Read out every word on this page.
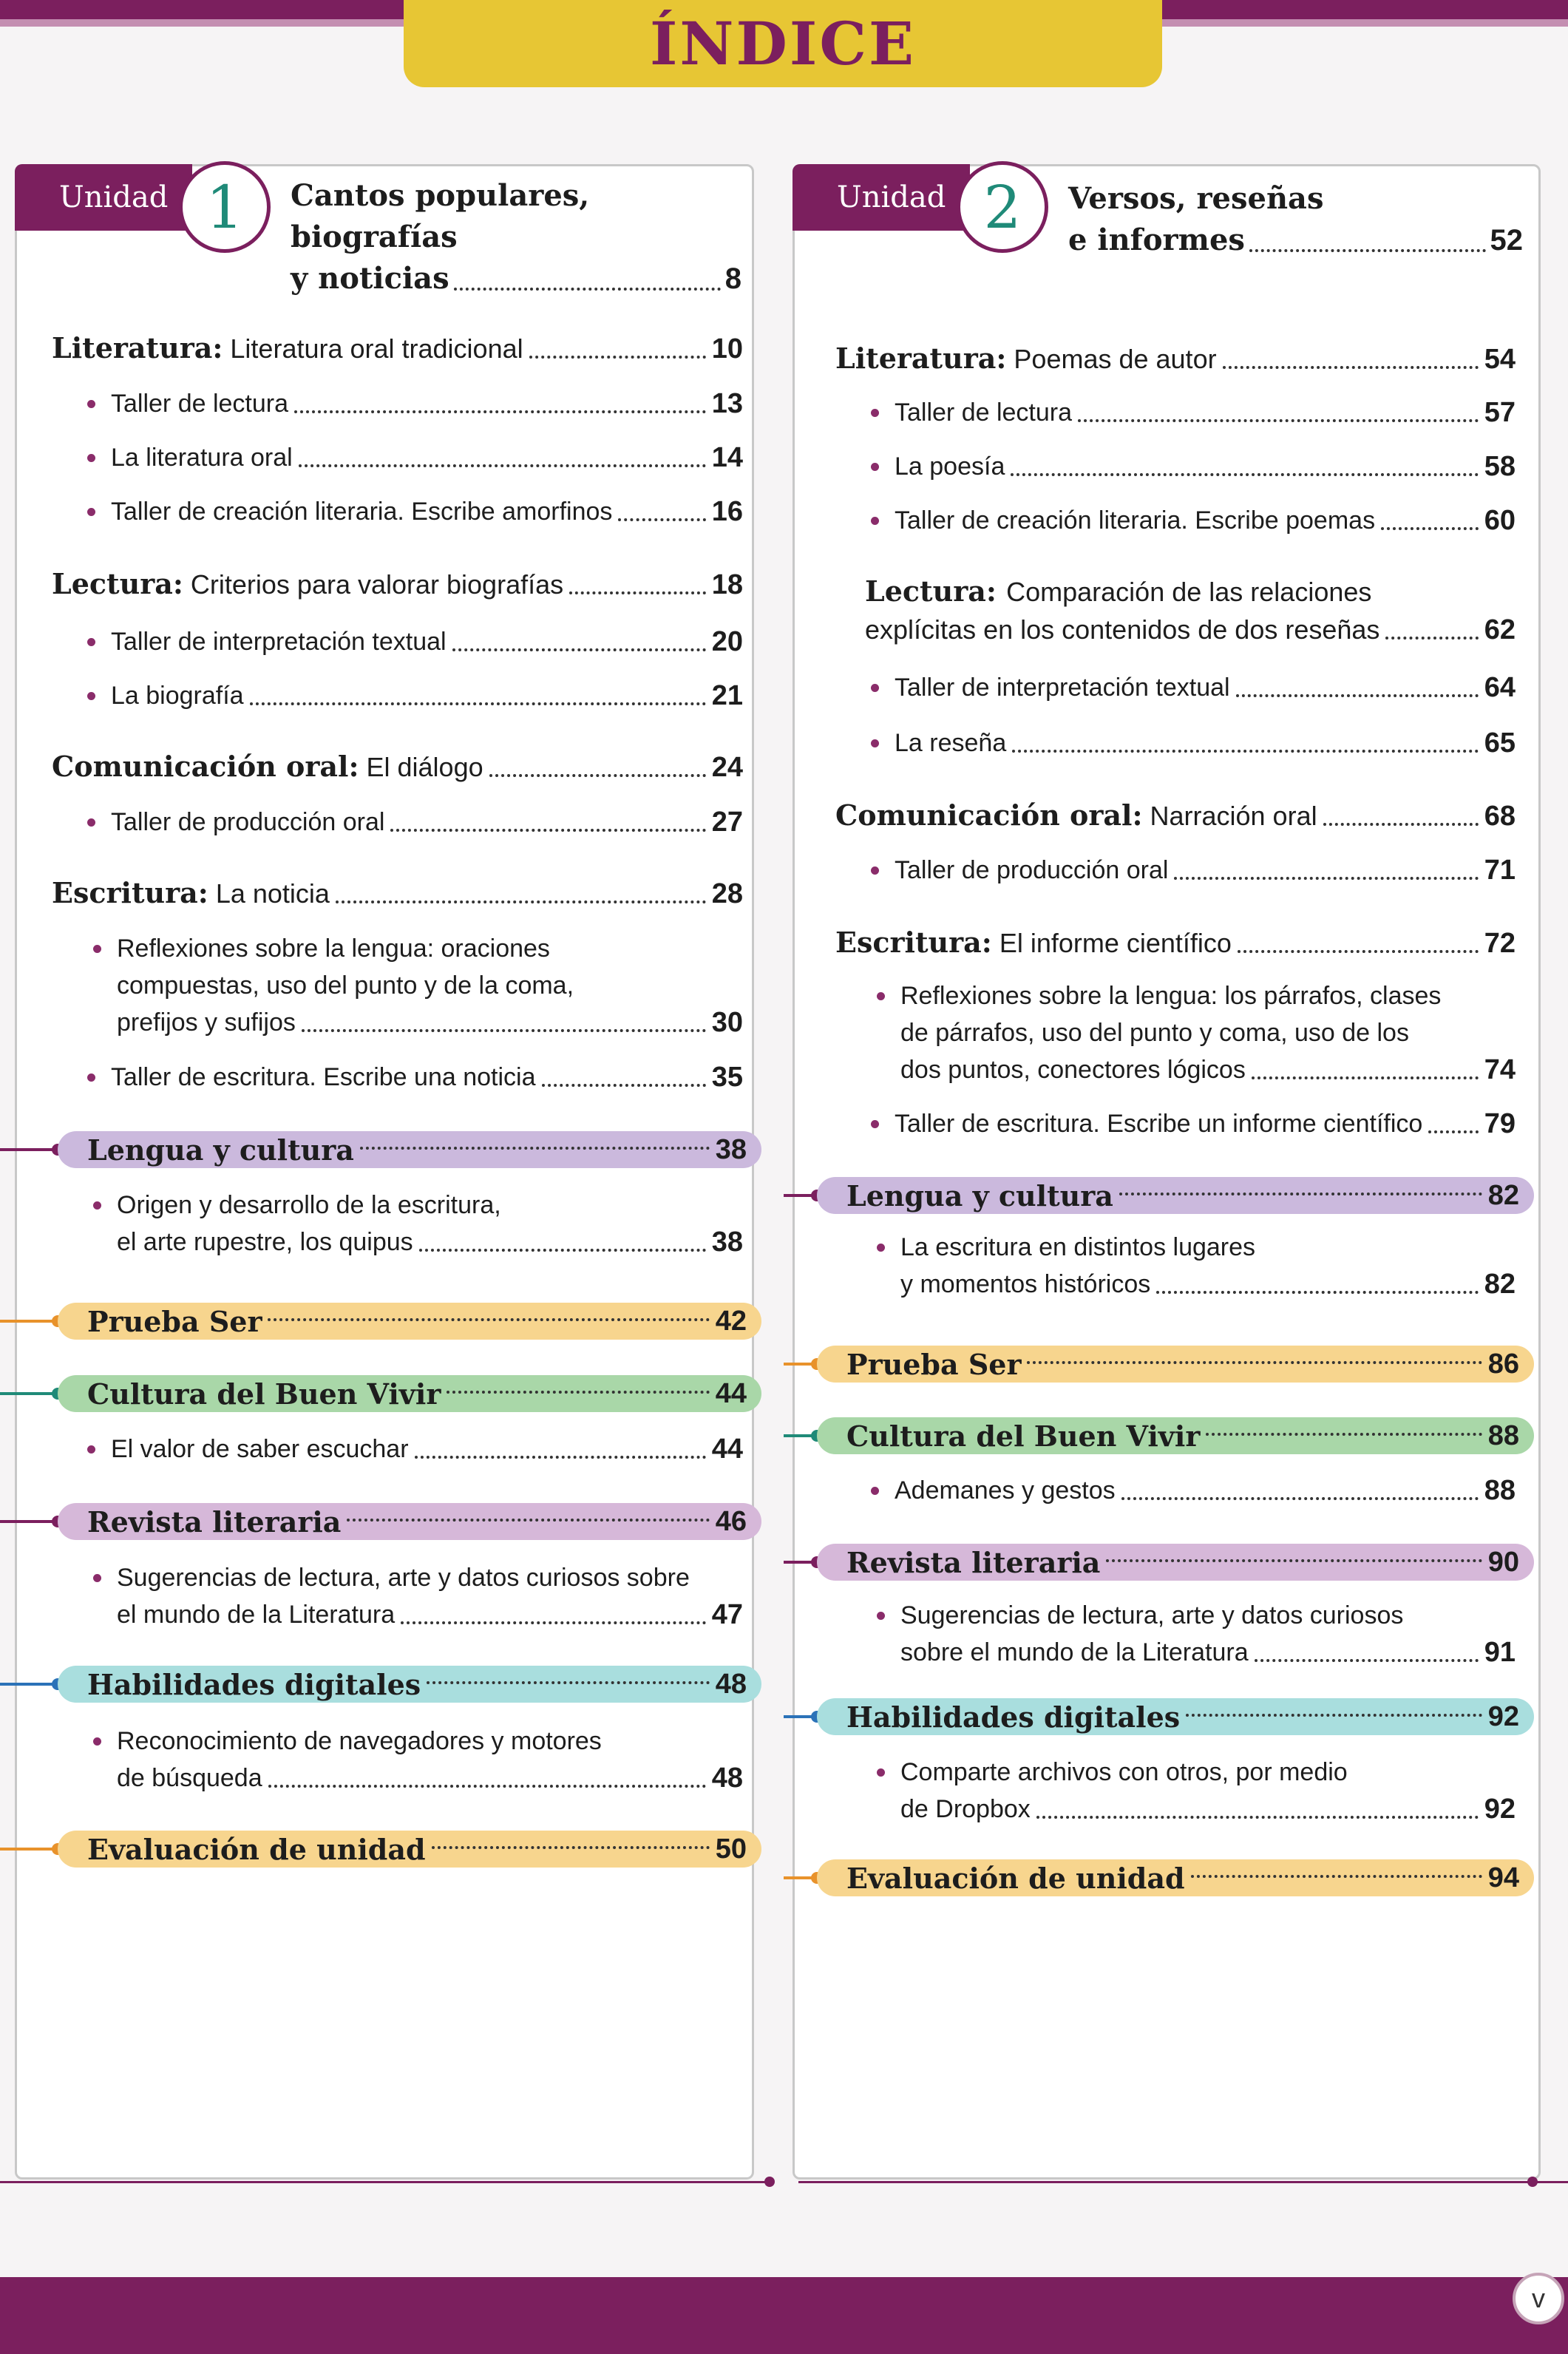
ÍNDICE
Unidad 1	Cantos populares, biografías
y noticias	8
Unidad 2	Versos, reseñas
e informes	52
Literatura: Literatura oral tradicional	10
Taller de lectura	13
La literatura oral	14
Taller de creación literaria. Escribe amorfinos	16
Lectura: Criterios para valorar biografías	18
Taller de interpretación textual	20
La biografía	21
Comunicación oral: El diálogo	24
Taller de producción oral	27
Escritura: La noticia	28
Reflexiones sobre la lengua: oraciones
compuestas, uso del punto y de la coma,
prefijos y sufijos	30
Taller de escritura. Escribe una noticia	35
Lengua y cultura	38
Origen y desarrollo de la escritura,
el arte rupestre, los quipus	38
Prueba Ser	42
Cultura del Buen Vivir	44
El valor de saber escuchar	44
Revista literaria	46
Sugerencias de lectura, arte y datos curiosos sobre
el mundo de la Literatura	47
Habilidades digitales	48
Reconocimiento de navegadores y motores
de búsqueda	48
Evaluación de unidad	50
Literatura: Poemas de autor	54
Taller de lectura	57
La poesía	58
Taller de creación literaria. Escribe poemas	60
Lectura: Comparación de las relaciones
explícitas en los contenidos de dos reseñas	62
Taller de interpretación textual	64
La reseña	65
Comunicación oral: Narración oral	68
Taller de producción oral	71
Escritura: El informe científico	72
Reflexiones sobre la lengua: los párrafos, clases
de párrafos, uso del punto y coma, uso de los
dos puntos, conectores lógicos	74
Taller de escritura. Escribe un informe científico 79
Lengua y cultura	82
La escritura en distintos lugares
y momentos históricos	82
Prueba Ser	86
Cultura del Buen Vivir	88
Ademanes y gestos	88
Revista literaria	90
Sugerencias de lectura, arte y datos curiosos
sobre el mundo de la Literatura	91
Habilidades digitales	92
Comparte archivos con otros, por medio
de Dropbox	92
Evaluación de unidad	94
v
